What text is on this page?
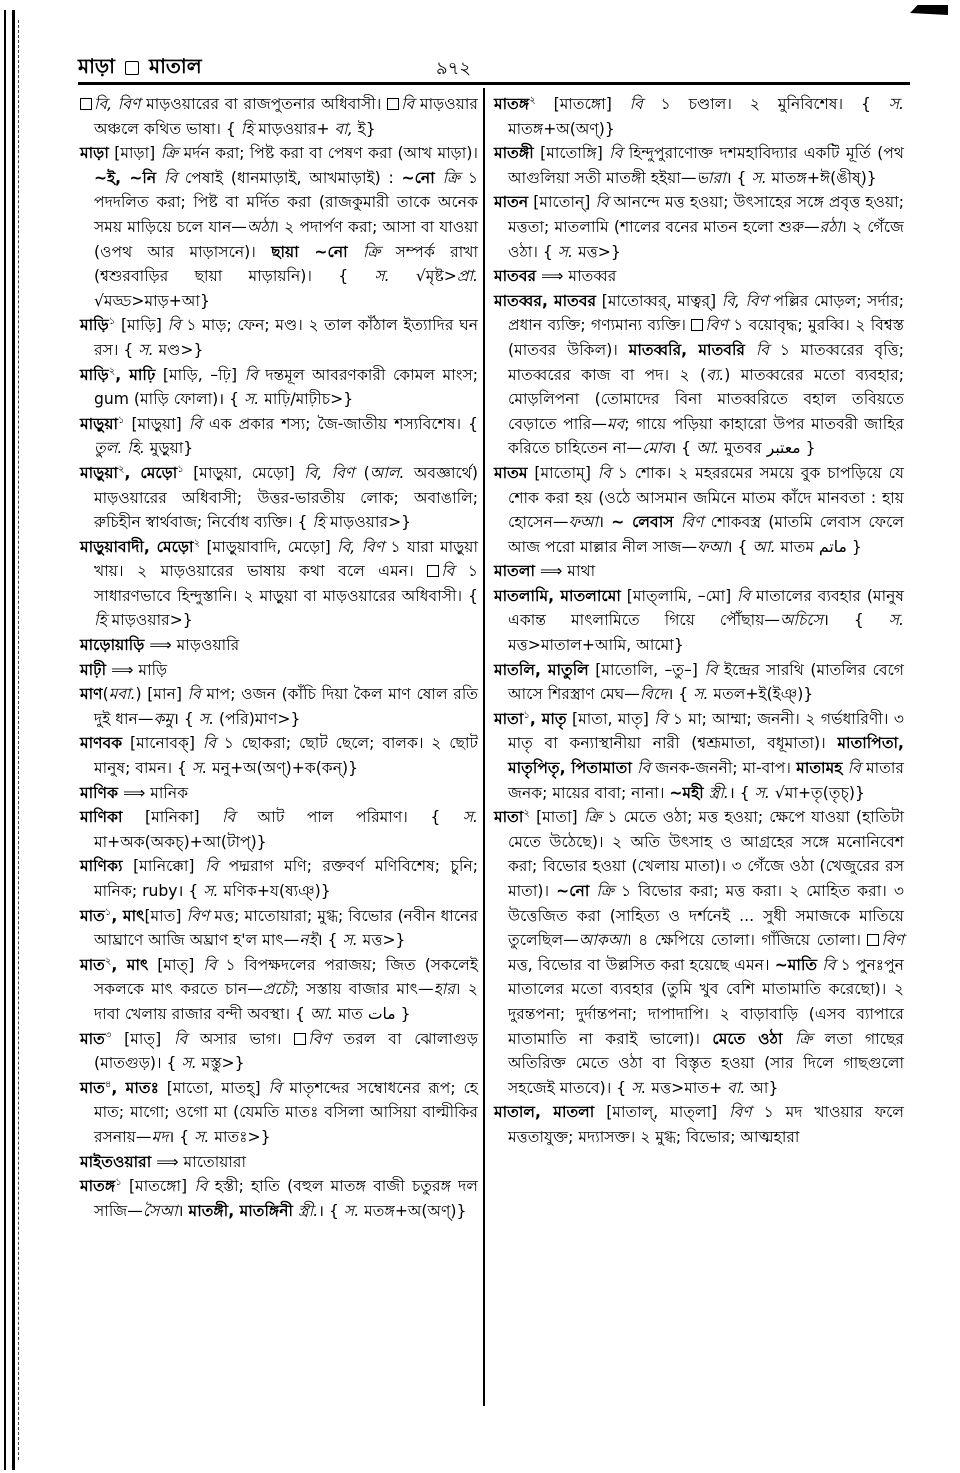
মাড়া মাতাল	৯৭২

বি, বিণ মাড়ওয়ারের বা রাজপুতনার অধিবাসী। বি মাড়ওয়ার অঞ্চলে কথিত ভাষা। { হি মাড়ওয়ার+ বা, ই}

মাড়া [মাড়া] ক্রি মর্দন করা; পিষ্ট করা বা পেষণ করা (আখ মাড়া)। ~ই, ~নি বি পেষাই (ধানমাড়াই, আখমাড়াই) : ~নো ক্রি ১ পদদলিত করা; পিষ্ট বা মর্দিত করা (রাজকুমারী তাকে অনেক সময় মাড়িয়ে চলে যান—অঠা। ২ পদার্পণ করা; আসা বা যাওয়া (ওপথ আর মাড়াসনে)। ছায়া ~নো ক্রি সম্পর্ক রাখা (শ্বশুরবাড়ির ছায়া মাড়ায়নি)। { স. √মৃষ্ট>প্রা. √মড্ড>মাড়+আ}

মাড়ি$^১$ [মাড়ি] বি ১ মাড়; ফেন; মণ্ড। ২ তাল কাঁঠাল ইত্যাদির ঘন রস। { স. মণ্ড>}

মাড়ি$^২$, মাঢ়ি [মাড়ি, –ঢ়ি] বি দন্তমূল আবরণকারী কোমল মাংস; gum (মাড়ি ফোলা)। { স. মাঢ়ি/মাঢ়ীচ>}

মাড়ুয়া$^১$ [মাড়ুয়া] বি এক প্রকার শস্য; জৈ-জাতীয় শস্যবিশেষ। { তুল. হি. মুড়ুয়া}

মাড়ুয়া$^২$, মেড়ো$^১$ [মাড়ুয়া, মেড়ো] বি, বিণ (আল. অবজ্ঞার্থে) মাড়ওয়ারের অধিবাসী; উত্তর-ভারতীয় লোক; অবাঙালি; রুচিহীন স্বার্থবাজ; নির্বোধ ব্যক্তি। { হি মাড়ওয়ার>}

মাড়ুয়াবাদী, মেড়ো$^২$ [মাড়ুয়াবাদি, মেড়ো] বি, বিণ ১ যারা মাড়ুয়া খায়। ২ মাড়ওয়ারের ভাষায় কথা বলে এমন। বি ১ সাধারণভাবে হিন্দুস্তানি। ২ মাড়ুয়া বা মাড়ওয়ারের অধিবাসী। { হি মাড়ওয়ার>}

মাড়োয়াড়ি ⟹ মাড়ওয়ারি

মাঢ়ী ⟹ মাড়ি

মাণ(মবা.) [মান] বি মাপ; ওজন (কাঁচি দিয়া কৈল মাণ ষোল রতি দুই ধান—কমু। { স. (পরি)মাণ>}

মাণবক [মানোবক্] বি ১ ছোকরা; ছোট ছেলে; বালক। ২ ছোট মানুষ; বামন। { স. মনু+অ(অণ্)+ক(কন্)}

মাণিক ⟹ মানিক

মাণিকা [মানিকা] বি আট পাল পরিমাণ। { স. মা+অক(অকচ্)+আ(টাপ্)}

মাণিক্য [মানিক্কো] বি পদ্মরাগ মণি; রক্তবর্ণ মণিবিশেষ; চুনি; মানিক; ruby। { স. মণিক+য(ষ্যঞ্)}

মাত$^১$, মাৎ[মাত] বিণ মত্ত; মাতোয়ারা; মুগ্ধ; বিভোর (নবীন ধানের আঘ্রাণে আজি অঘ্রাণ হ'ল মাৎ—নই। { স. মত্ত>}

মাত$^২$, মাৎ [মাত্] বি ১ বিপক্ষদলের পরাজয়; জিত (সকলেই সকলকে মাৎ করতে চান—প্রচৌ; সস্তায় বাজার মাৎ—হার। ২ দাবা খেলায় রাজার বন্দী অবস্থা। { আ. মাত مات }

মাত$^৩$ [মাত্] বি অসার ভাগ। বিণ তরল বা ঝোলাগুড় (মাতগুড়)। { স. মস্তু>}

মাত$^৪$, মাতঃ [মাতো, মাতহ্] বি মাতৃশব্দের সম্বোধনের রূপ; হে মাত; মাগো; ওগো মা (যেমতি মাতঃ বসিলা আসিয়া বাল্মীকির রসনায়—মদ। { স. মাতঃ>}

মাইতওয়ারা ⟹ মাতোয়ারা

মাতঙ্গ$^১$ [মাতঙ্গো] বি হস্তী; হাতি (বহুল মাতঙ্গ বাজী চতুরঙ্গ দল সাজি—সৈআ। মাতঙ্গী, মাতঙ্গিনী স্ত্রী.। { স. মতঙ্গ+অ(অণ্)}

মাতঙ্গ$^২$ [মাতঙ্গো] বি ১ চণ্ডাল। ২ মুনিবিশেষ। { স. মাতঙ্গ+অ(অণ্)}

মাতঙ্গী [মাতোঙ্গি] বি হিন্দুপুরাণোক্ত দশমহাবিদ্যার একটি মূর্তি (পথ আগুলিয়া সতী মাতঙ্গী হইয়া—ভারা। { স. মাতঙ্গ+ঈ(ঙীষ্)}

মাতন [মাতোন্] বি আনন্দে মত্ত হওয়া; উৎসাহের সঙ্গে প্রবৃত্ত হওয়া; মত্ততা; মাতলামি (শালের বনের মাতন হলো শুরু—রঠা। ২ গেঁজে ওঠা। { স. মত্ত>}

মাতবর ⟹ মাতব্বর

মাতব্বর, মাতবর [মাতোব্বর্, মাত্বর্] বি, বিণ পল্লির মোড়ল; সর্দার; প্রধান ব্যক্তি; গণ্যমান্য ব্যক্তি। বিণ ১ বয়োবৃদ্ধ; মুরব্বি। ২ বিশ্বস্ত (মাতবর উকিল)। মাতব্বরি, মাতবরি বি ১ মাতব্বরের বৃত্তি; মাতব্বরের কাজ বা পদ। ২ (ব্য.) মাতব্বরের মতো ব্যবহার; মোড়লিপনা (তোমাদের বিনা মাতব্বরিতে বহাল তবিয়তে বেড়াতে পারি—মব; গায়ে পড়িয়া কাহারো উপর মাতবরী জাহির করিতে চাহিতেন না—মোব। { আ. মুতবর معتبر }

মাতম [মাতোম্] বি ১ শোক। ২ মহররমের সময়ে বুক চাপড়িয়ে যে শোক করা হয় (ওঠে আসমান জমিনে মাতম কাঁদে মানবতা : হায় হোসেন—ফআ। ~ লেবাস বিণ শোকবস্ত্র (মাতমি লেবাস ফেলে আজ পরো মাল্লার নীল সাজ—ফআ। { আ. মাতম ماتم }

মাতলা ⟹ মাথা

মাতলামি, মাতলামো [মাত্লামি, –মো] বি মাতালের ব্যবহার (মানুষ একান্ত মাৎলামিতে গিয়ে পৌঁছায়—অচিসে। { স. মত্ত>মাতাল+আমি, আমো}

মাতলি, মাতুলি [মাতোলি, –তু–] বি ইন্দ্রের সারথি (মাতলির বেগে আসে শিরস্ত্রাণ মেঘ—বিদে। { স. মতল+ই(ইঞ্)}

মাতা$^১$, মাতৃ [মাতা, মাতৃ] বি ১ মা; আম্মা; জননী। ২ গর্ভধারিণী। ৩ মাতৃ বা কন্যাস্থানীয়া নারী (শ্বশ্রূমাতা, বধূমাতা)। মাতাপিতা, মাতৃপিতৃ, পিতামাতা বি জনক-জননী; মা-বাপ। মাতামহ বি মাতার জনক; মায়ের বাবা; নানা। ~মহী স্ত্রী.। { স. √মা+তৃ(তৃচ্)}

মাতা$^২$ [মাতা] ক্রি ১ মেতে ওঠা; মত্ত হওয়া; ক্ষেপে যাওয়া (হাতিটা মেতে উঠেছে)। ২ অতি উৎসাহ ও আগ্রহের সঙ্গে মনোনিবেশ করা; বিভোর হওয়া (খেলায় মাতা)। ৩ গেঁজে ওঠা (খেজুরের রস মাতা)। ~নো ক্রি ১ বিভোর করা; মত্ত করা। ২ মোহিত করা। ৩ উত্তেজিত করা (সাহিত্য ও দর্শনেই ... সুধী সমাজকে মাতিয়ে তুলেছিল—আকআ। ৪ ক্ষেপিয়ে তোলা। গাঁজিয়ে তোলা। বিণ মত্ত, বিভোর বা উল্লসিত করা হয়েছে এমন। ~মাতি বি ১ পুনঃপুন মাতালের মতো ব্যবহার (তুমি খুব বেশি মাতামাতি করেছো)। ২ দুরন্তপনা; দুর্দান্তপনা; দাপাদাপি। ২ বাড়াবাড়ি (এসব ব্যাপারে মাতামাতি না করাই ভালো)। মেতে ওঠা ক্রি লতা গাছের অতিরিক্ত মেতে ওঠা বা বিস্তৃত হওয়া (সার দিলে গাছগুলো সহজেই মাতবে)। { স. মত্ত>মাত+ বা. আ}

মাতাল, মাতলা [মাতাল্, মাত্লা] বিণ ১ মদ খাওয়ার ফলে মত্ততাযুক্ত; মদ্যাসক্ত। ২ মুগ্ধ; বিভোর; আত্মহারা
